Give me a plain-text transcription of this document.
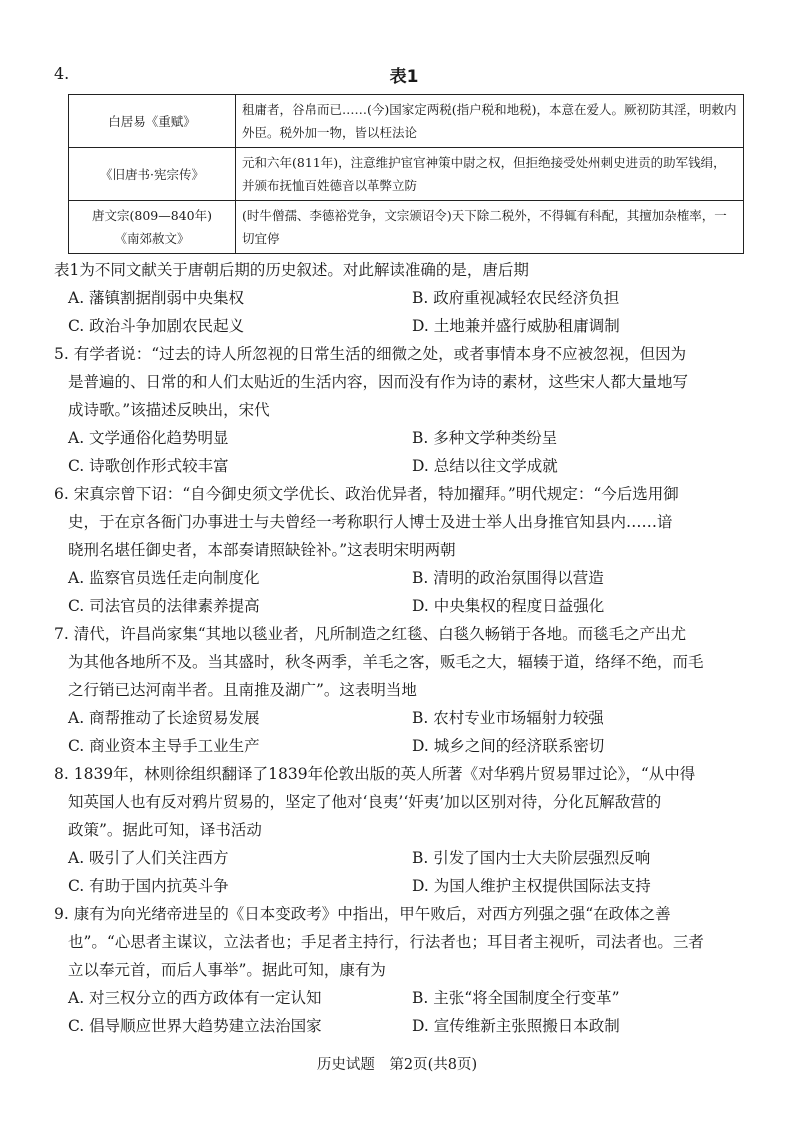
4.	表1
白居易《重赋》	租庸者，谷帛而已……(今)国家定两税(指户税和地税)，本意在爱人。厥初防其淫，明敕内外臣。税外加一物，皆以枉法论
《旧唐书·宪宗传》	元和六年(811年)，注意维护宦官神策中尉之权，但拒绝接受处州刺史进贡的助军钱绢，并颁布抚恤百姓德音以革弊立防

唐文宗(809—840年)
《南郊赦文》	(时牛僧孺、李德裕党争，文宗颁诏令)天下除二税外，不得辄有科配，其擅加杂榷率，一切宜停

表1为不同文献关于唐朝后期的历史叙述。对此解读准确的是，唐后期

A. 藩镇割据削弱中央集权	B. 政府重视减轻农民经济负担
C. 政治斗争加剧农民起义	D. 土地兼并盛行威胁租庸调制

5. 有学者说：“过去的诗人所忽视的日常生活的细微之处，或者事情本身不应被忽视，但因为
是普遍的、日常的和人们太贴近的生活内容，因而没有作为诗的素材，这些宋人都大量地写
成诗歌。”该描述反映出，宋代

A. 文学通俗化趋势明显	B. 多种文学种类纷呈
C. 诗歌创作形式较丰富	D. 总结以往文学成就

6. 宋真宗曾下诏：“自今御史须文学优长、政治优异者，特加擢拜。”明代规定：“今后选用御
史，于在京各衙门办事进士与夫曾经一考称职行人博士及进士举人出身推官知县内……谙
晓刑名堪任御史者，本部奏请照缺铨补。”这表明宋明两朝

A. 监察官员选任走向制度化	B. 清明的政治氛围得以营造
C. 司法官员的法律素养提高	D. 中央集权的程度日益强化

7. 清代，许昌尚家集“其地以毯业者，凡所制造之红毯、白毯久畅销于各地。而毯毛之产出尤
为其他各地所不及。当其盛时，秋冬两季，羊毛之客，贩毛之大，辐辏于道，络绎不绝，而毛
之行销已达河南半者。且南推及湖广”。这表明当地

A. 商帮推动了长途贸易发展	B. 农村专业市场辐射力较强
C. 商业资本主导手工业生产	D. 城乡之间的经济联系密切

8. 1839年，林则徐组织翻译了1839年伦敦出版的英人所著《对华鸦片贸易罪过论》，“从中得
知英国人也有反对鸦片贸易的，坚定了他对‘良夷’‘奸夷’加以区别对待，分化瓦解敌营的
政策”。据此可知，译书活动

A. 吸引了人们关注西方	B. 引发了国内士大夫阶层强烈反响
C. 有助于国内抗英斗争	D. 为国人维护主权提供国际法支持

9. 康有为向光绪帝进呈的《日本变政考》中指出，甲午败后，对西方列强之强“在政体之善
也”。“心思者主谋议，立法者也；手足者主持行，行法者也；耳目者主视听，司法者也。三者
立以奉元首，而后人事举”。据此可知，康有为

A. 对三权分立的西方政体有一定认知	B. 主张“将全国制度全行变革”
C. 倡导顺应世界大趋势建立法治国家	D. 宣传维新主张照搬日本政制
历史试题　第2页(共8页)
